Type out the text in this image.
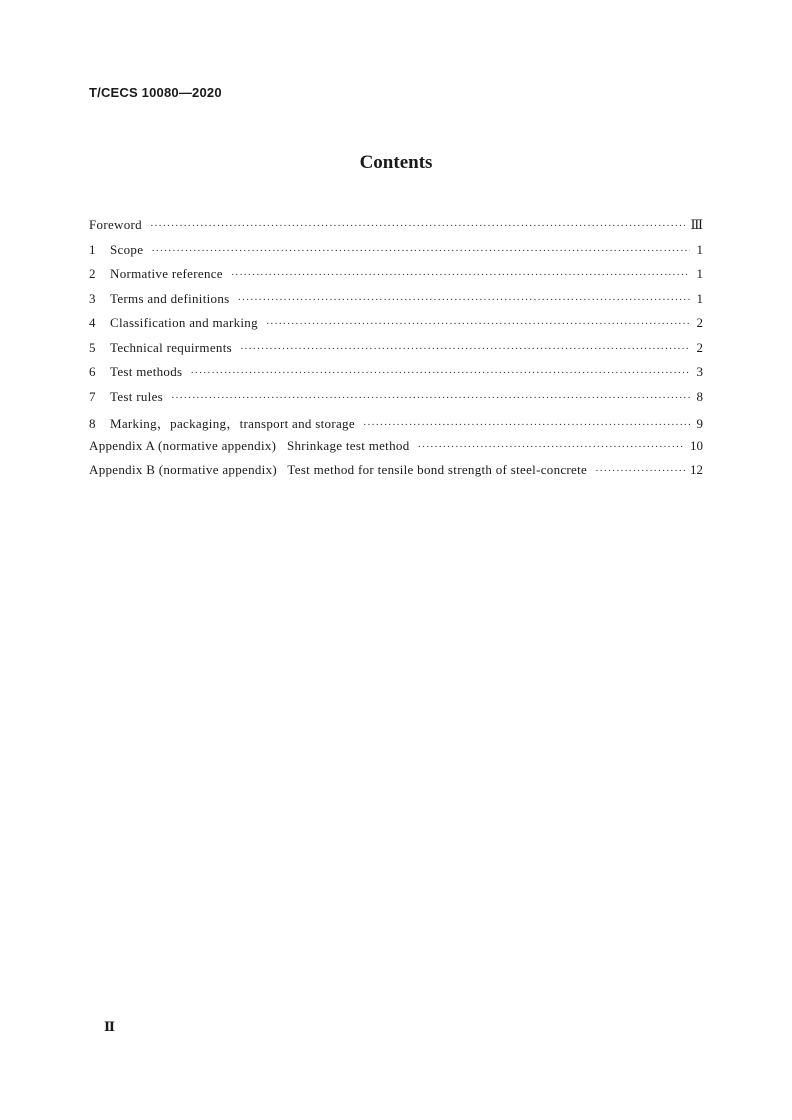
T/CECS 10080—2020
Contents
Foreword ·····	Ⅲ
1	Scope ·····	1
2	Normative reference ·····	1
3	Terms and definitions ·····	1
4	Classification and marking ·····	2
5	Technical requirments ·····	2
6	Test methods ·····	3
7	Test rules ·····	8
8	Marking，packaging，transport and storage ·····	9
Appendix A (normative appendix)   Shrinkage test method ·····	10
Appendix B (normative appendix)   Test method for tensile bond strength of steel-concrete ·····	12
Ⅱ
